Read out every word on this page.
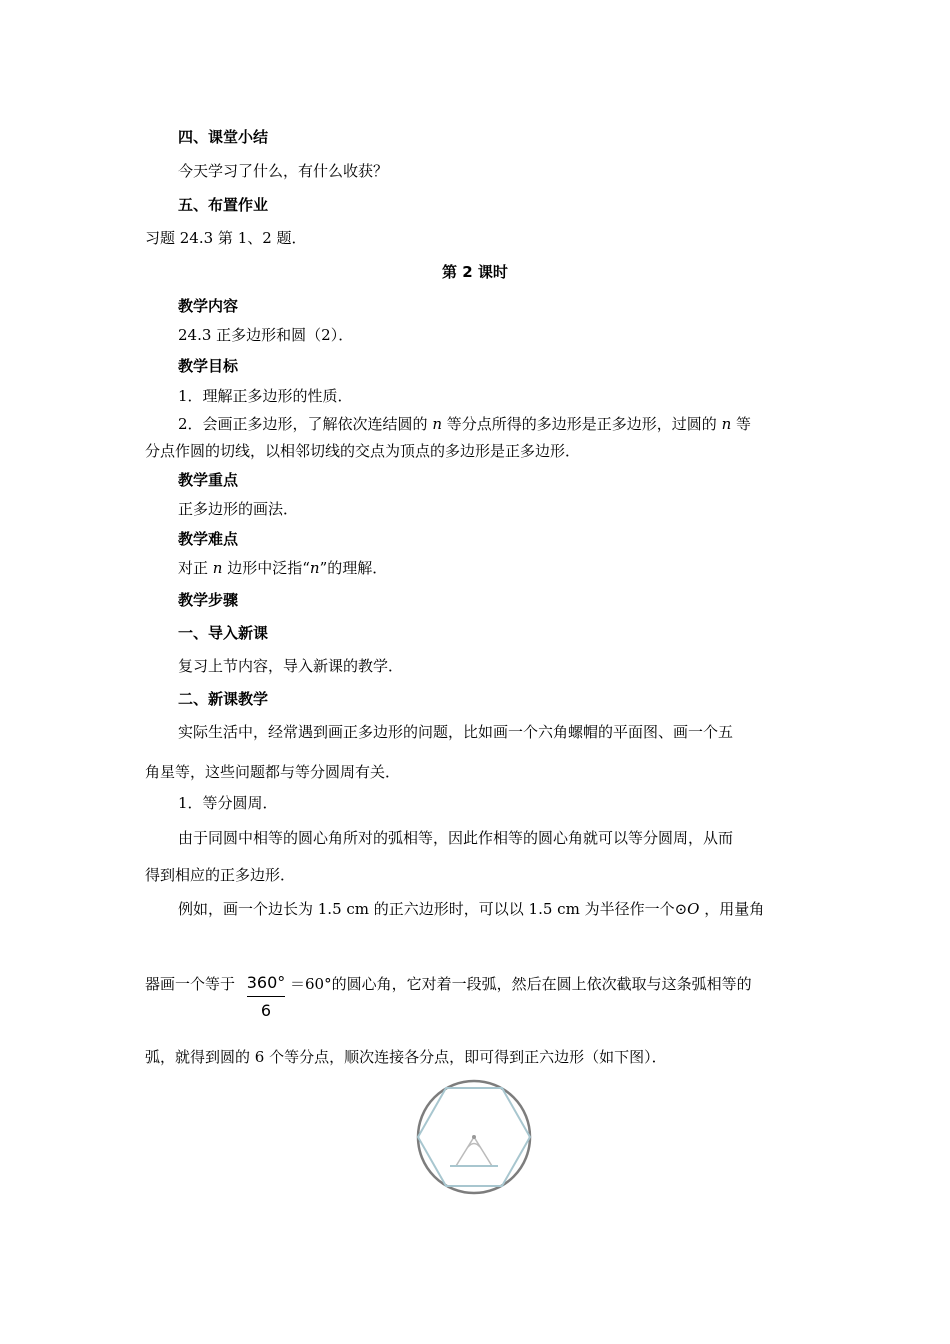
四、课堂小结
今天学习了什么，有什么收获？
五、布置作业
习题 24.3 第 1、2 题．
第 2 课时
教学内容
24.3 正多边形和圆（2）．
教学目标
1．理解正多边形的性质．
2．会画正多边形，了解依次连结圆的 n 等分点所得的多边形是正多边形，过圆的 n 等
分点作圆的切线，以相邻切线的交点为顶点的多边形是正多边形．
教学重点
正多边形的画法．
教学难点
对正 n 边形中泛指“n”的理解．
教学步骤
一、导入新课
复习上节内容，导入新课的教学．
二、新课教学
实际生活中，经常遇到画正多边形的问题，比如画一个六角螺帽的平面图、画一个五
角星等，这些问题都与等分圆周有关．
1．等分圆周．
由于同圆中相等的圆心角所对的弧相等，因此作相等的圆心角就可以等分圆周，从而
得到相应的正多边形．
例如，画一个边长为 1.5 cm 的正六边形时，可以以 1.5 cm 为半径作一个⊙O ，用量角
器画一个等于 360°
6
＝60°的圆心角，它对着一段弧，然后在圆上依次截取与这条弧相等的
弧，就得到圆的 6 个等分点，顺次连接各分点，即可得到正六边形（如下图）．
